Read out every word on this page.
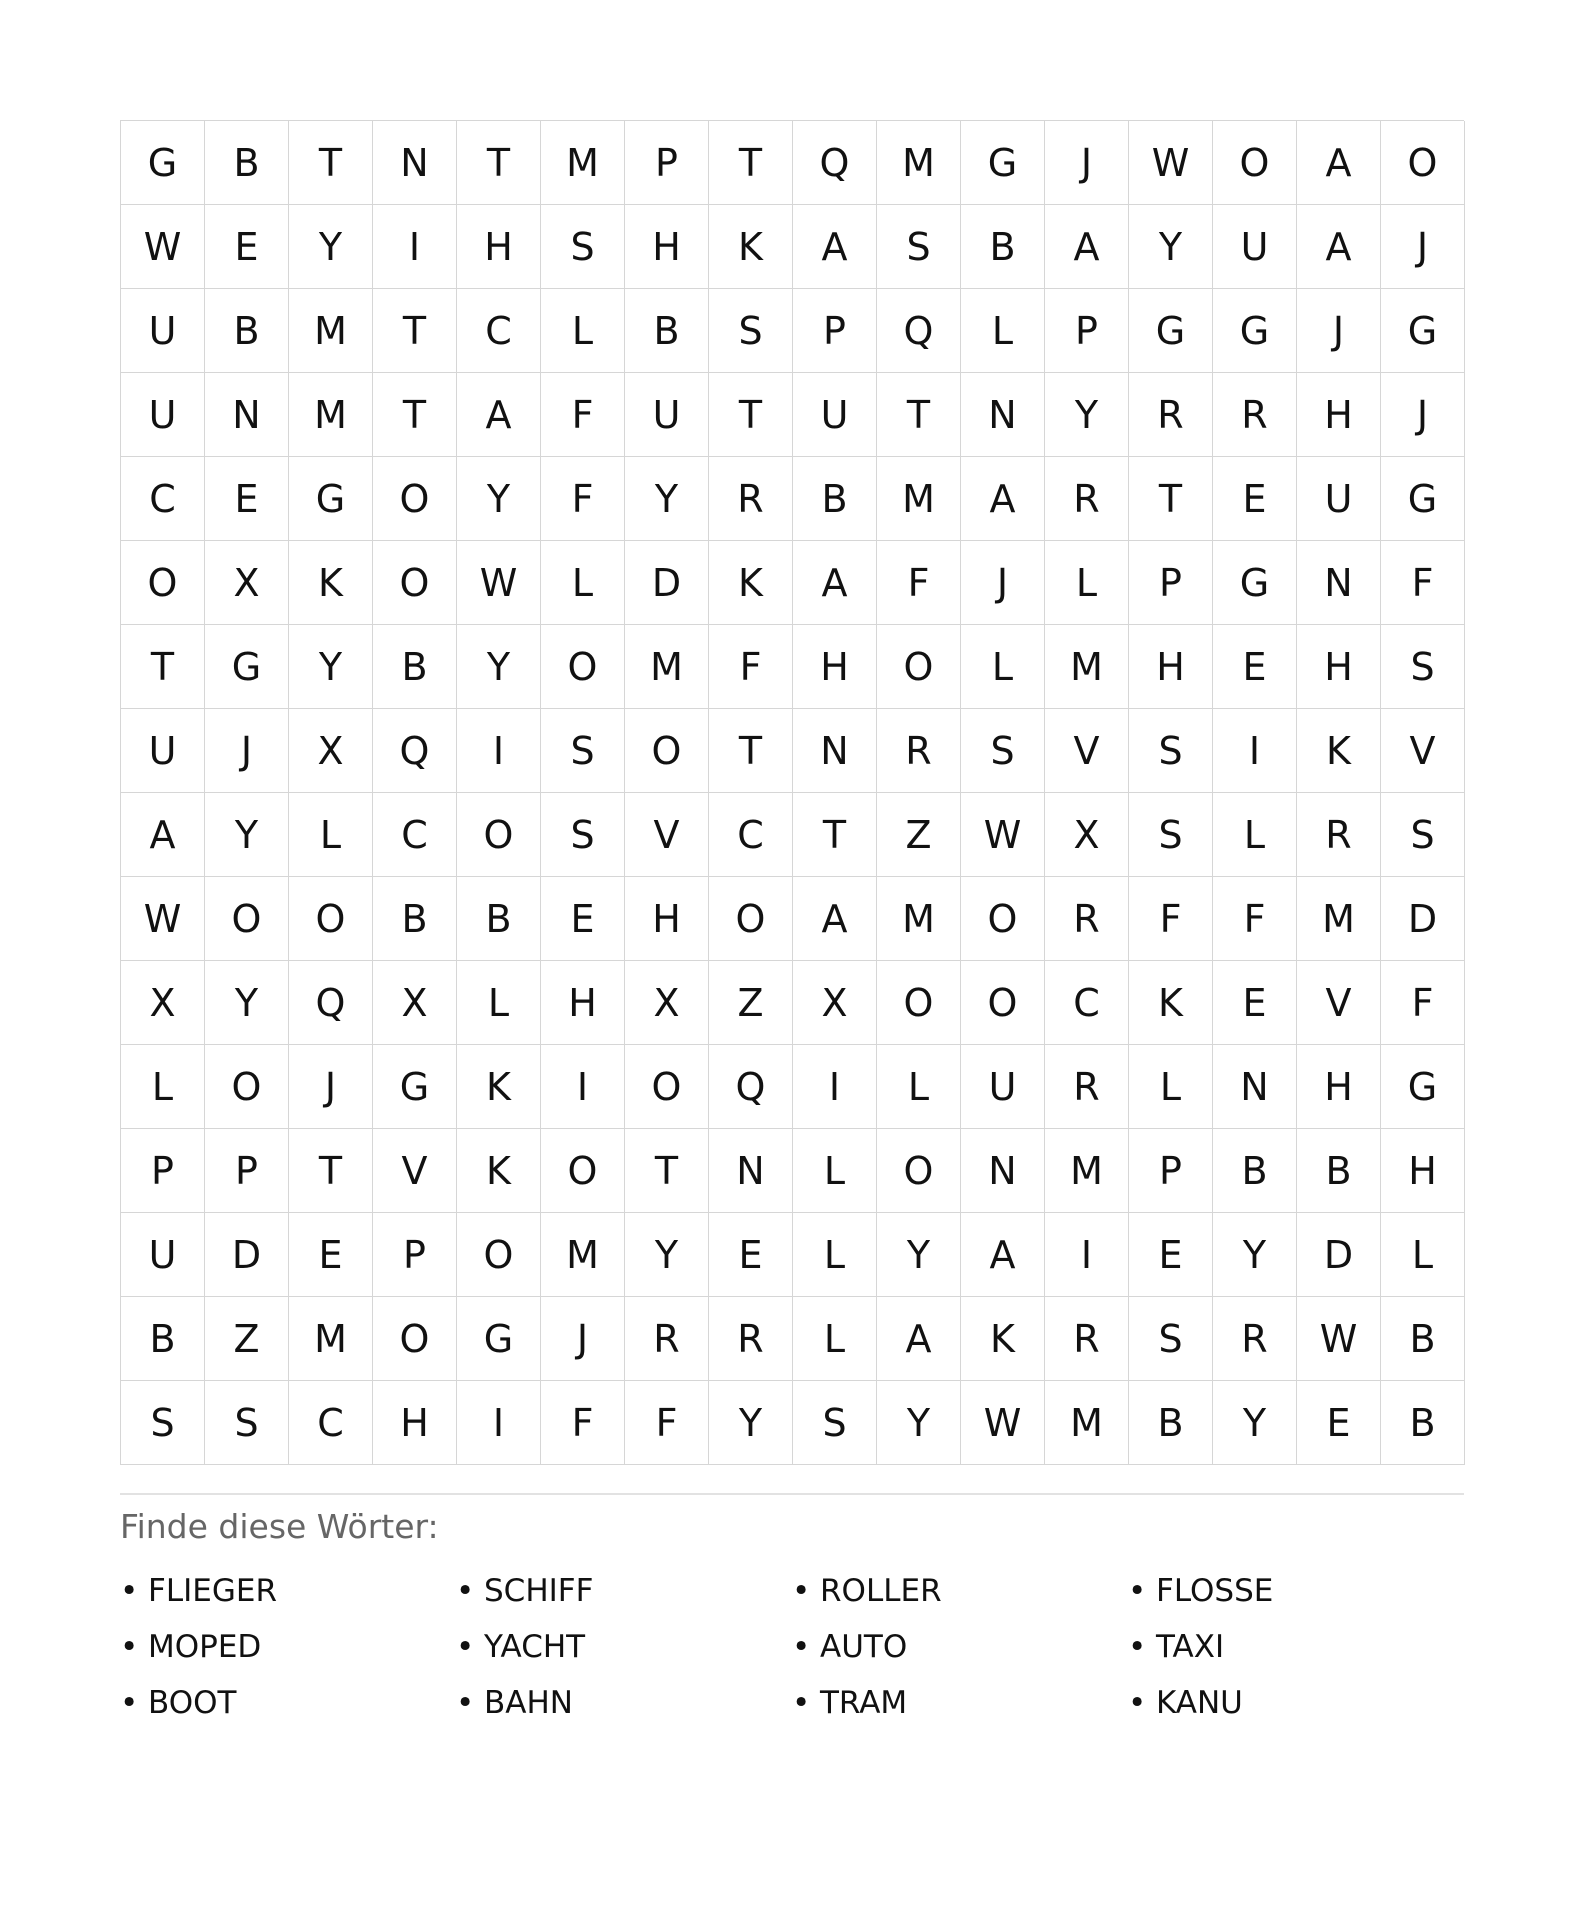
G	B	T	N	T	M	P	T	Q	M	G	J	W	O	A	O
W	E	Y	I	H	S	H	K	A	S	B	A	Y	U	A	J
U	B	M	T	C	L	B	S	P	Q	L	P	G	G	J	G
U	N	M	T	A	F	U	T	U	T	N	Y	R	R	H	J
C	E	G	O	Y	F	Y	R	B	M	A	R	T	E	U	G
O	X	K	O	W	L	D	K	A	F	J	L	P	G	N	F
T	G	Y	B	Y	O	M	F	H	O	L	M	H	E	H	S
U	J	X	Q	I	S	O	T	N	R	S	V	S	I	K	V
A	Y	L	C	O	S	V	C	T	Z	W	X	S	L	R	S
W	O	O	B	B	E	H	O	A	M	O	R	F	F	M	D
X	Y	Q	X	L	H	X	Z	X	O	O	C	K	E	V	F
L	O	J	G	K	I	O	Q	I	L	U	R	L	N	H	G
P	P	T	V	K	O	T	N	L	O	N	M	P	B	B	H
U	D	E	P	O	M	Y	E	L	Y	A	I	E	Y	D	L
B	Z	M	O	G	J	R	R	L	A	K	R	S	R	W	B
S	S	C	H	I	F	F	Y	S	Y	W	M	B	Y	E	B
Finde diese Wörter:
• FLIEGER	• SCHIFF	• ROLLER	• FLOSSE
• MOPED	• YACHT	• AUTO	• TAXI
• BOOT	• BAHN	• TRAM	• KANU
